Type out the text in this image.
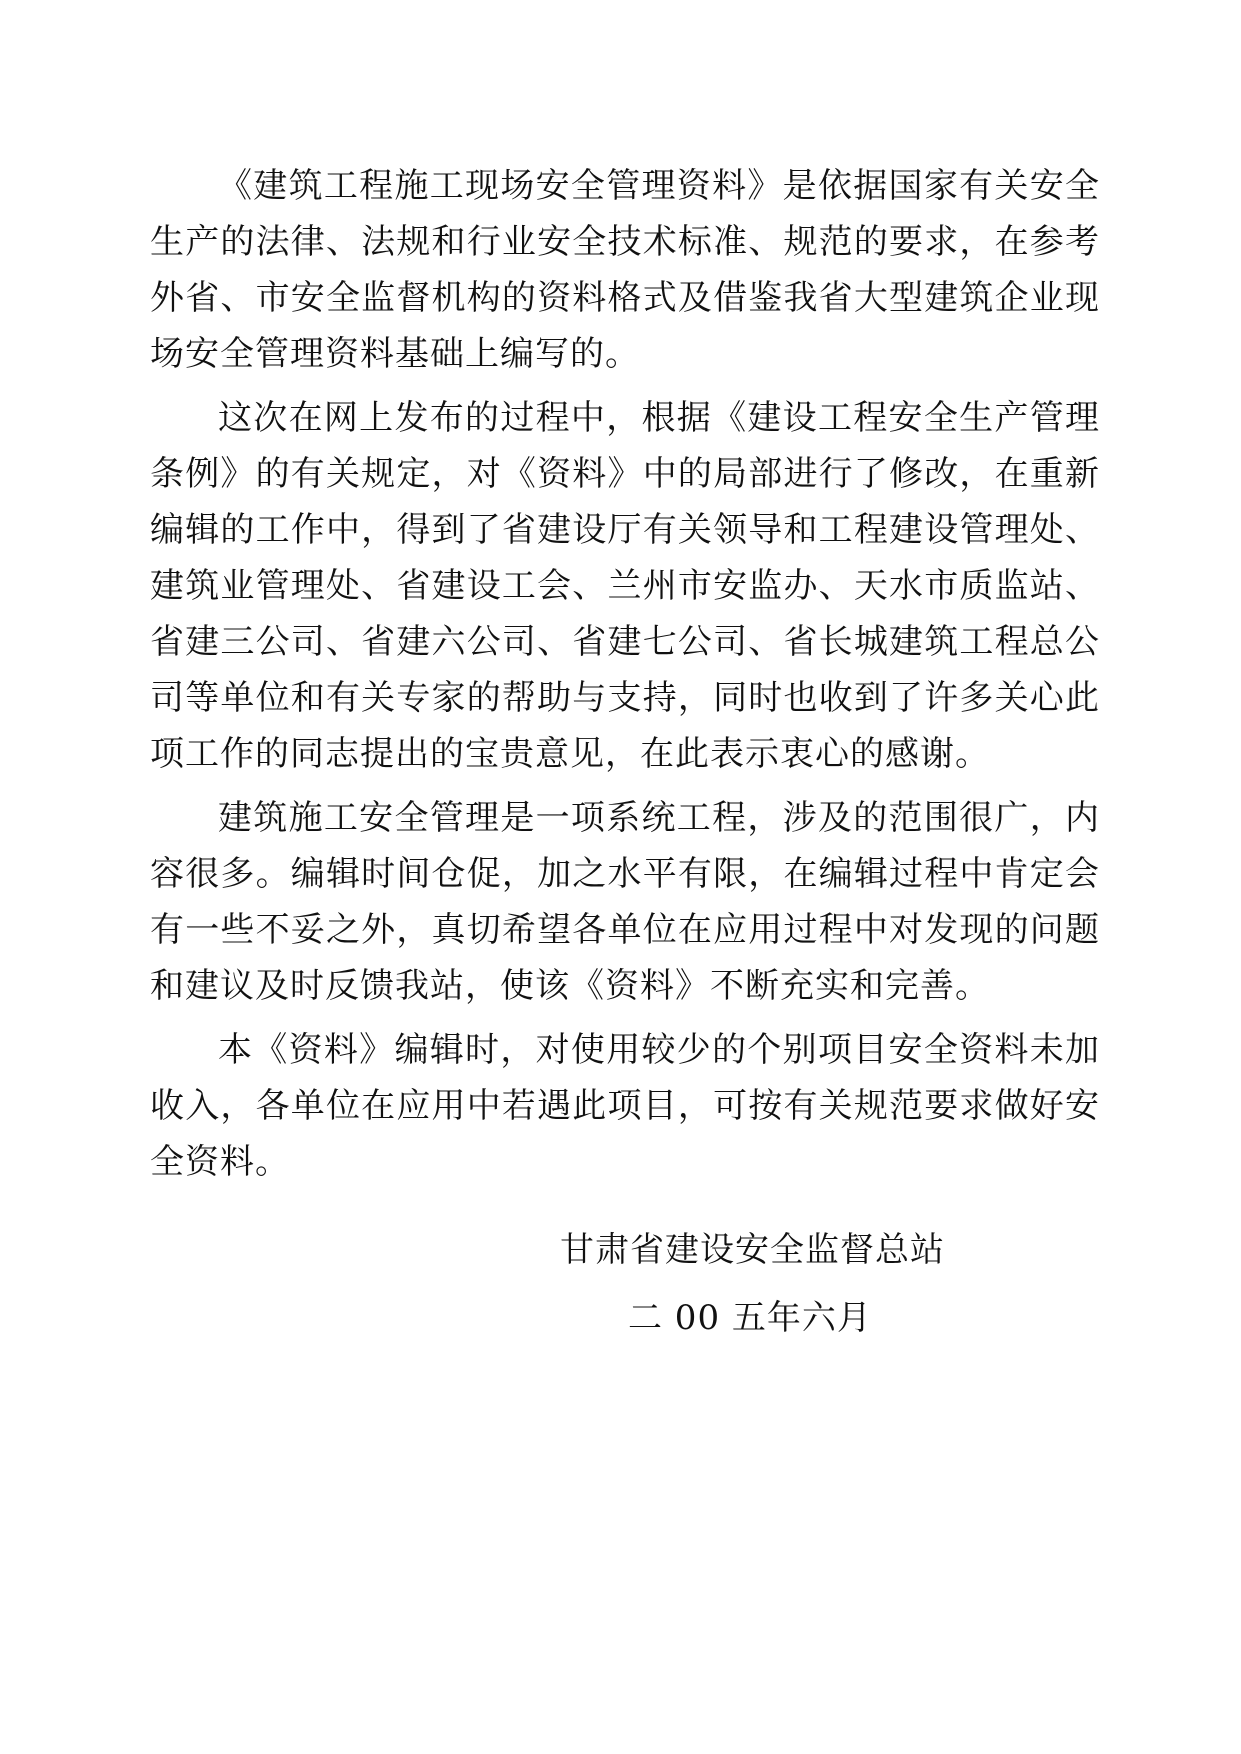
《建筑工程施工现场安全管理资料》是依据国家有关安全生产的法律、法规和行业安全技术标准、规范的要求，在参考外省、市安全监督机构的资料格式及借鉴我省大型建筑企业现场安全管理资料基础上编写的。

这次在网上发布的过程中，根据《建设工程安全生产管理条例》的有关规定，对《资料》中的局部进行了修改，在重新编辑的工作中，得到了省建设厅有关领导和工程建设管理处、建筑业管理处、省建设工会、兰州市安监办、天水市质监站、省建三公司、省建六公司、省建七公司、省长城建筑工程总公司等单位和有关专家的帮助与支持，同时也收到了许多关心此项工作的同志提出的宝贵意见，在此表示衷心的感谢。

建筑施工安全管理是一项系统工程，涉及的范围很广，内容很多。编辑时间仓促，加之水平有限，在编辑过程中肯定会有一些不妥之外，真切希望各单位在应用过程中对发现的问题和建议及时反馈我站，使该《资料》不断充实和完善。

本《资料》编辑时，对使用较少的个别项目安全资料未加收入，各单位在应用中若遇此项目，可按有关规范要求做好安全资料。

甘肃省建设安全监督总站
二 00 五年六月
